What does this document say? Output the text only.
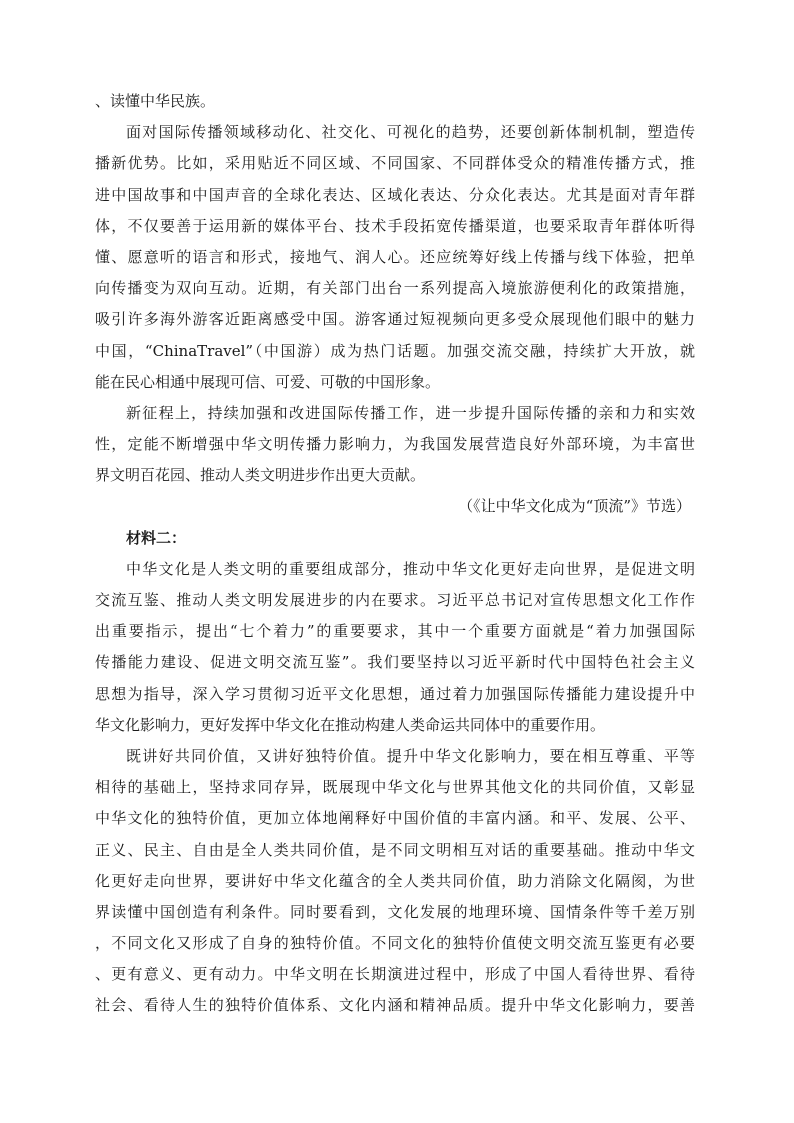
、读懂中华民族。
面对国际传播领域移动化、社交化、可视化的趋势，还要创新体制机制，塑造传
播新优势。比如，采用贴近不同区域、不同国家、不同群体受众的精准传播方式，推
进中国故事和中国声音的全球化表达、区域化表达、分众化表达。尤其是面对青年群
体，不仅要善于运用新的媒体平台、技术手段拓宽传播渠道，也要采取青年群体听得
懂、愿意听的语言和形式，接地气、润人心。还应统筹好线上传播与线下体验，把单
向传播变为双向互动。近期，有关部门出台一系列提高入境旅游便利化的政策措施，
吸引许多海外游客近距离感受中国。游客通过短视频向更多受众展现他们眼中的魅力
中国，“ChinaTravel”（中国游）成为热门话题。加强交流交融，持续扩大开放，就
能在民心相通中展现可信、可爱、可敬的中国形象。
新征程上，持续加强和改进国际传播工作，进一步提升国际传播的亲和力和实效
性，定能不断增强中华文明传播力影响力，为我国发展营造良好外部环境，为丰富世
界文明百花园、推动人类文明进步作出更大贡献。
（《让中华文化成为“顶流”》节选）
材料二：
中华文化是人类文明的重要组成部分，推动中华文化更好走向世界，是促进文明
交流互鉴、推动人类文明发展进步的内在要求。习近平总书记对宣传思想文化工作作
出重要指示，提出“七个着力”的重要要求，其中一个重要方面就是“着力加强国际
传播能力建设、促进文明交流互鉴”。我们要坚持以习近平新时代中国特色社会主义
思想为指导，深入学习贯彻习近平文化思想，通过着力加强国际传播能力建设提升中
华文化影响力，更好发挥中华文化在推动构建人类命运共同体中的重要作用。
既讲好共同价值，又讲好独特价值。提升中华文化影响力，要在相互尊重、平等
相待的基础上，坚持求同存异，既展现中华文化与世界其他文化的共同价值，又彰显
中华文化的独特价值，更加立体地阐释好中国价值的丰富内涵。和平、发展、公平、
正义、民主、自由是全人类共同价值，是不同文明相互对话的重要基础。推动中华文
化更好走向世界，要讲好中华文化蕴含的全人类共同价值，助力消除文化隔阂，为世
界读懂中国创造有利条件。同时要看到，文化发展的地理环境、国情条件等千差万别
，不同文化又形成了自身的独特价值。不同文化的独特价值使文明交流互鉴更有必要
、更有意义、更有动力。中华文明在长期演进过程中，形成了中国人看待世界、看待
社会、看待人生的独特价值体系、文化内涵和精神品质。提升中华文化影响力，要善
